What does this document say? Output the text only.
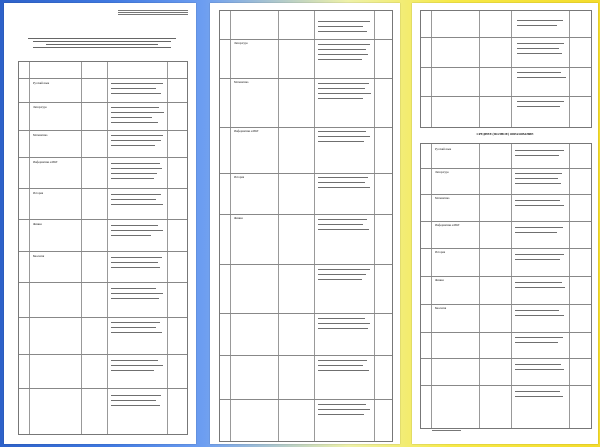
Русский язык
Литература
Математика
Информатика и ИКТ
История
Физика
Биология
Литература
Математика
Информатика и ИКТ
История
Физика
СРЕДНЕЕ (ПОЛНОЕ) ОБРАЗОВАНИЕ
Русский язык
Литература
Математика
Информатика и ИКТ
История
Физика
Биология
